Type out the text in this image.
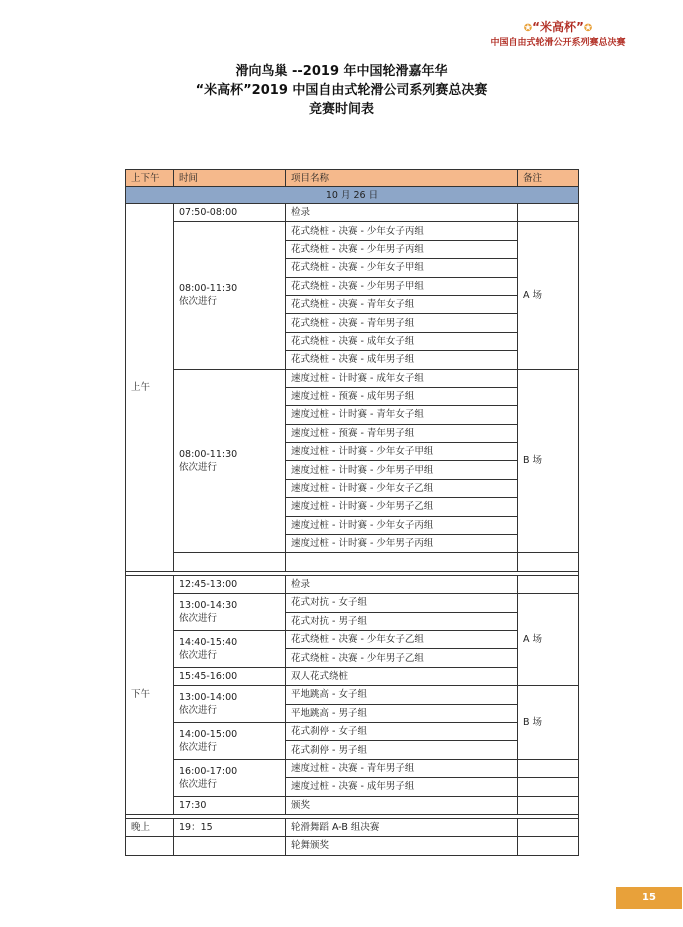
✪“米高杯”✪
中国自由式轮滑公开系列赛总决赛
滑向鸟巢 --2019 年中国轮滑嘉年华
“米高杯”2019 中国自由式轮滑公司系列赛总决赛
竞赛时间表
上下午	时间	项目名称	备注
10 月 26 日			
上午	07:50-08:00	检录	
	08:00-11:30
依次进行	花式绕桩 - 决赛 - 少年女子丙组	A 场
		花式绕桩 - 决赛 - 少年男子丙组	
		花式绕桩 - 决赛 - 少年女子甲组	
		花式绕桩 - 决赛 - 少年男子甲组	
		花式绕桩 - 决赛 - 青年女子组	
		花式绕桩 - 决赛 - 青年男子组	
		花式绕桩 - 决赛 - 成年女子组	
		花式绕桩 - 决赛 - 成年男子组	
	08:00-11:30
依次进行	速度过桩 - 计时赛 - 成年女子组	B 场
		速度过桩 - 预赛 - 成年男子组	
		速度过桩 - 计时赛 - 青年女子组	
		速度过桩 - 预赛 - 青年男子组	
		速度过桩 - 计时赛 - 少年女子甲组	
		速度过桩 - 计时赛 - 少年男子甲组	
		速度过桩 - 计时赛 - 少年女子乙组	
		速度过桩 - 计时赛 - 少年男子乙组	
		速度过桩 - 计时赛 - 少年女子丙组	
		速度过桩 - 计时赛 - 少年男子丙组	

下午	12:45-13:00	检录	
	13:00-14:30
依次进行	花式对抗 - 女子组	A 场
		花式对抗 - 男子组	
	14:40-15:40
依次进行	花式绕桩 - 决赛 - 少年女子乙组	
		花式绕桩 - 决赛 - 少年男子乙组	
	15:45-16:00	双人花式绕桩	
	13:00-14:00
依次进行	平地跳高 - 女子组	B 场
		平地跳高 - 男子组	
	14:00-15:00
依次进行	花式刹停 - 女子组	
		花式刹停 - 男子组	
	16:00-17:00
依次进行	速度过桩 - 决赛 - 青年男子组	
		速度过桩 - 决赛 - 成年男子组	
	17:30	颁奖	

晚上	19：15	轮滑舞蹈 A-B 组决赛	
		轮舞颁奖	
15
